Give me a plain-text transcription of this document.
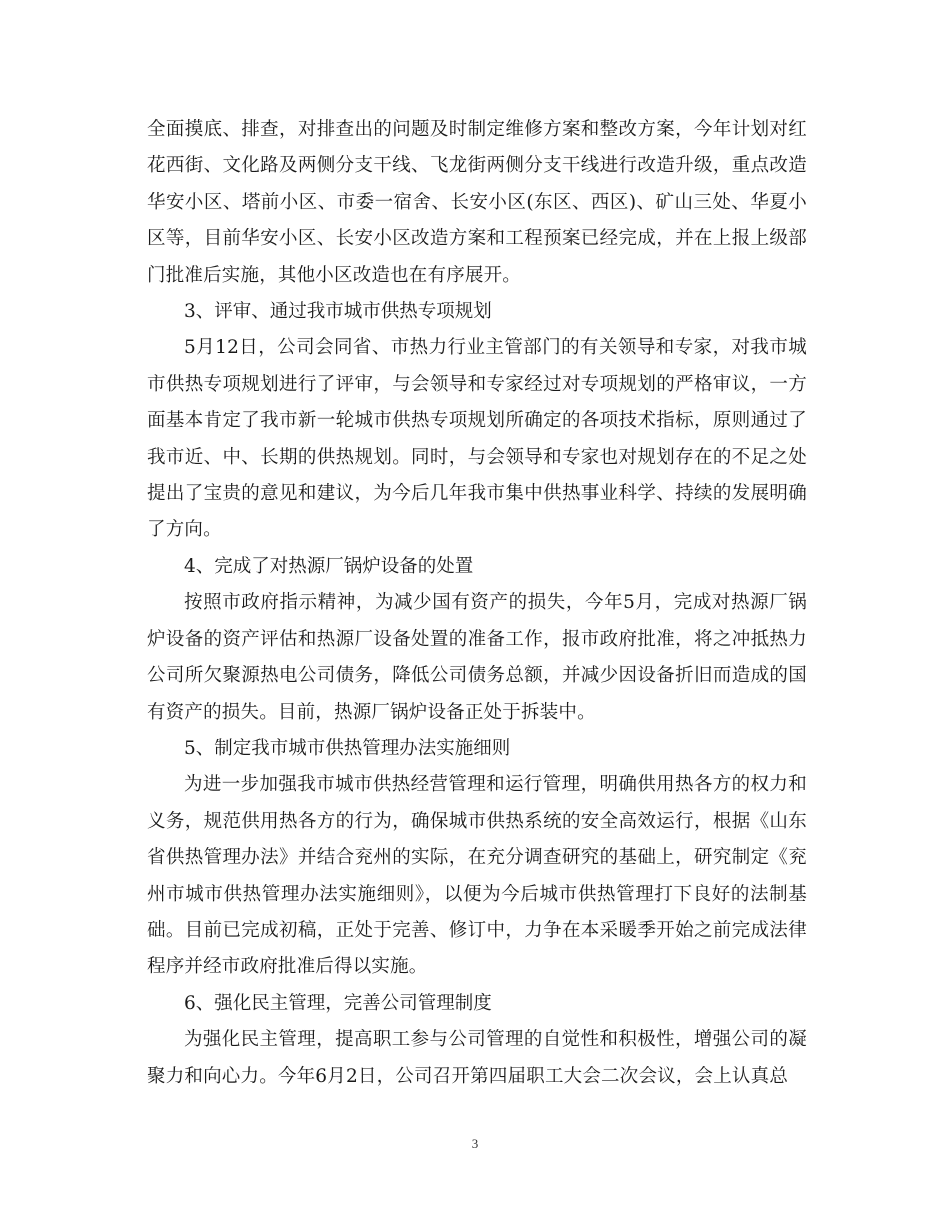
全面摸底、排查，对排查出的问题及时制定维修方案和整改方案，今年计划对红花西街、文化路及两侧分支干线、飞龙街两侧分支干线进行改造升级，重点改造华安小区、塔前小区、市委一宿舍、长安小区(东区、西区)、矿山三处、华夏小区等，目前华安小区、长安小区改造方案和工程预案已经完成，并在上报上级部门批准后实施，其他小区改造也在有序展开。

3、评审、通过我市城市供热专项规划

5月12日，公司会同省、市热力行业主管部门的有关领导和专家，对我市城市供热专项规划进行了评审，与会领导和专家经过对专项规划的严格审议，一方面基本肯定了我市新一轮城市供热专项规划所确定的各项技术指标，原则通过了我市近、中、长期的供热规划。同时，与会领导和专家也对规划存在的不足之处提出了宝贵的意见和建议，为今后几年我市集中供热事业科学、持续的发展明确了方向。

4、完成了对热源厂锅炉设备的处置

按照市政府指示精神，为减少国有资产的损失，今年5月，完成对热源厂锅炉设备的资产评估和热源厂设备处置的准备工作，报市政府批准，将之冲抵热力公司所欠聚源热电公司债务，降低公司债务总额，并减少因设备折旧而造成的国有资产的损失。目前，热源厂锅炉设备正处于拆装中。

5、制定我市城市供热管理办法实施细则

为进一步加强我市城市供热经营管理和运行管理，明确供用热各方的权力和义务，规范供用热各方的行为，确保城市供热系统的安全高效运行，根据《山东省供热管理办法》并结合兖州的实际，在充分调查研究的基础上，研究制定《兖州市城市供热管理办法实施细则》，以便为今后城市供热管理打下良好的法制基础。目前已完成初稿，正处于完善、修订中，力争在本采暖季开始之前完成法律程序并经市政府批准后得以实施。

6、强化民主管理，完善公司管理制度

为强化民主管理，提高职工参与公司管理的自觉性和积极性，增强公司的凝聚力和向心力。今年6月2日，公司召开第四届职工大会二次会议，会上认真总

3
